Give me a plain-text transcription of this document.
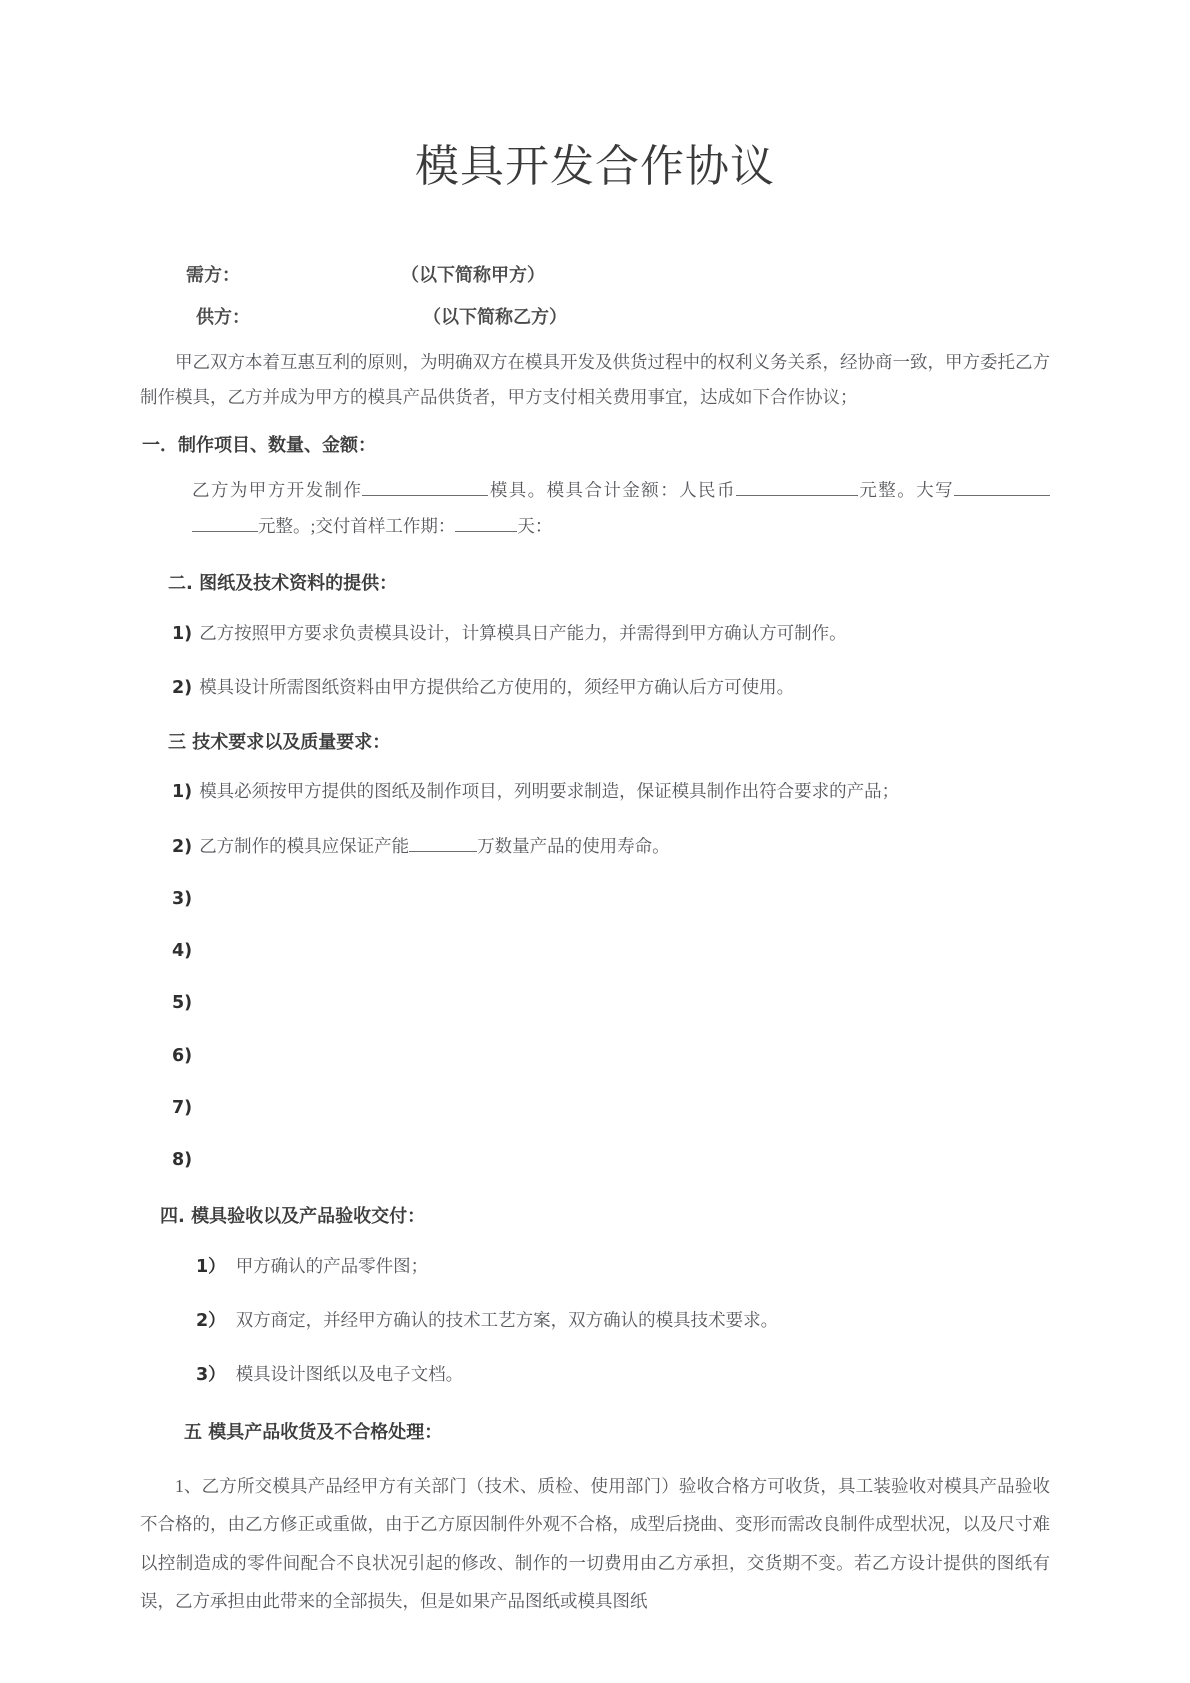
模具开发合作协议
需方：	（以下简称甲方）
供方：	（以下简称乙方）

甲乙双方本着互惠互利的原则，为明确双方在模具开发及供货过程中的权利义务关系，经协商一致，甲方委托乙方制作模具，乙方并成为甲方的模具产品供货者，甲方支付相关费用事宜，达成如下合作协议；

一．制作项目、数量、金额：

乙方为甲方开发制作	模具。模具合计金额：人民币	元整。大写元整。;交付首样工作期：	天：

二. 图纸及技术资料的提供：
1) 乙方按照甲方要求负责模具设计，计算模具日产能力，并需得到甲方确认方可制作。
2) 模具设计所需图纸资料由甲方提供给乙方使用的，须经甲方确认后方可使用。
三 技术要求以及质量要求：
1) 模具必须按甲方提供的图纸及制作项目，列明要求制造，保证模具制作出符合要求的产品；
2) 乙方制作的模具应保证产能	万数量产品的使用寿命。
3)
4)
5)
6)
7)
8)
四. 模具验收以及产品验收交付：
1） 甲方确认的产品零件图；
2） 双方商定，并经甲方确认的技术工艺方案，双方确认的模具技术要求。
3） 模具设计图纸以及电子文档。
五 模具产品收货及不合格处理：

1、乙方所交模具产品经甲方有关部门（技术、质检、使用部门）验收合格方可收货，具工装验收对模具产品验收不合格的，由乙方修正或重做，由于乙方原因制件外观不合格，成型后挠曲、变形而需改良制件成型状况，以及尺寸难以控制造成的零件间配合不良状况引起的修改、制作的一切费用由乙方承担，交货期不变。若乙方设计提供的图纸有误，乙方承担由此带来的全部损失，但是如果产品图纸或模具图纸
